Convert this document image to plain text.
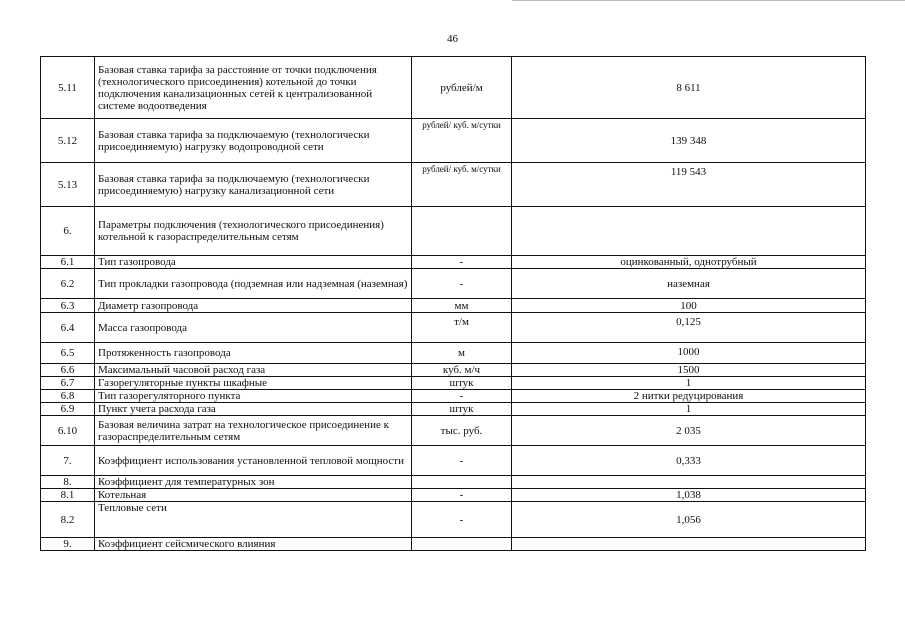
46
5.11	Базовая ставка тарифа за расстояние от точки подключения (технологического присоединения) котельной до точки подключения канализационных сетей к централизованной системе водоотведения	рублей/м	8 611
5.12	Базовая ставка тарифа за подключаемую (технологически присоединяемую) нагрузку водопроводной сети	рублей/ куб. м/сутки	139 348
5.13	Базовая ставка тарифа за подключаемую (технологически присоединяемую) нагрузку канализационной сети	рублей/ куб. м/сутки	119 543
6.	Параметры подключения (технологического присоединения) котельной к газораспределительным сетям		
6.1	Тип газопровода	-	оцинкованный, однотрубный
6.2	Тип прокладки газопровода (подземная или надземная (наземная)	-	наземная
6.3	Диаметр газопровода	мм	100
6.4	Масса газопровода	т/м	0,125
6.5	Протяженность газопровода	м	1000
6.6	Максимальный часовой расход газа	куб. м/ч	1500
6.7	Газорегуляторные пункты шкафные	штук	1
6.8	Тип газорегуляторного пункта	-	2 нитки редуцирования
6.9	Пункт учета расхода газа	штук	1
6.10	Базовая величина затрат на технологическое присоединение к газораспределительным сетям	тыс. руб.	2 035
7.	Коэффициент использования установленной тепловой мощности	-	0,333
8.	Коэффициент для температурных зон		
8.1	Котельная	-	1,038
8.2	Тепловые сети	-	1,056
9.	Коэффициент сейсмического влияния		
